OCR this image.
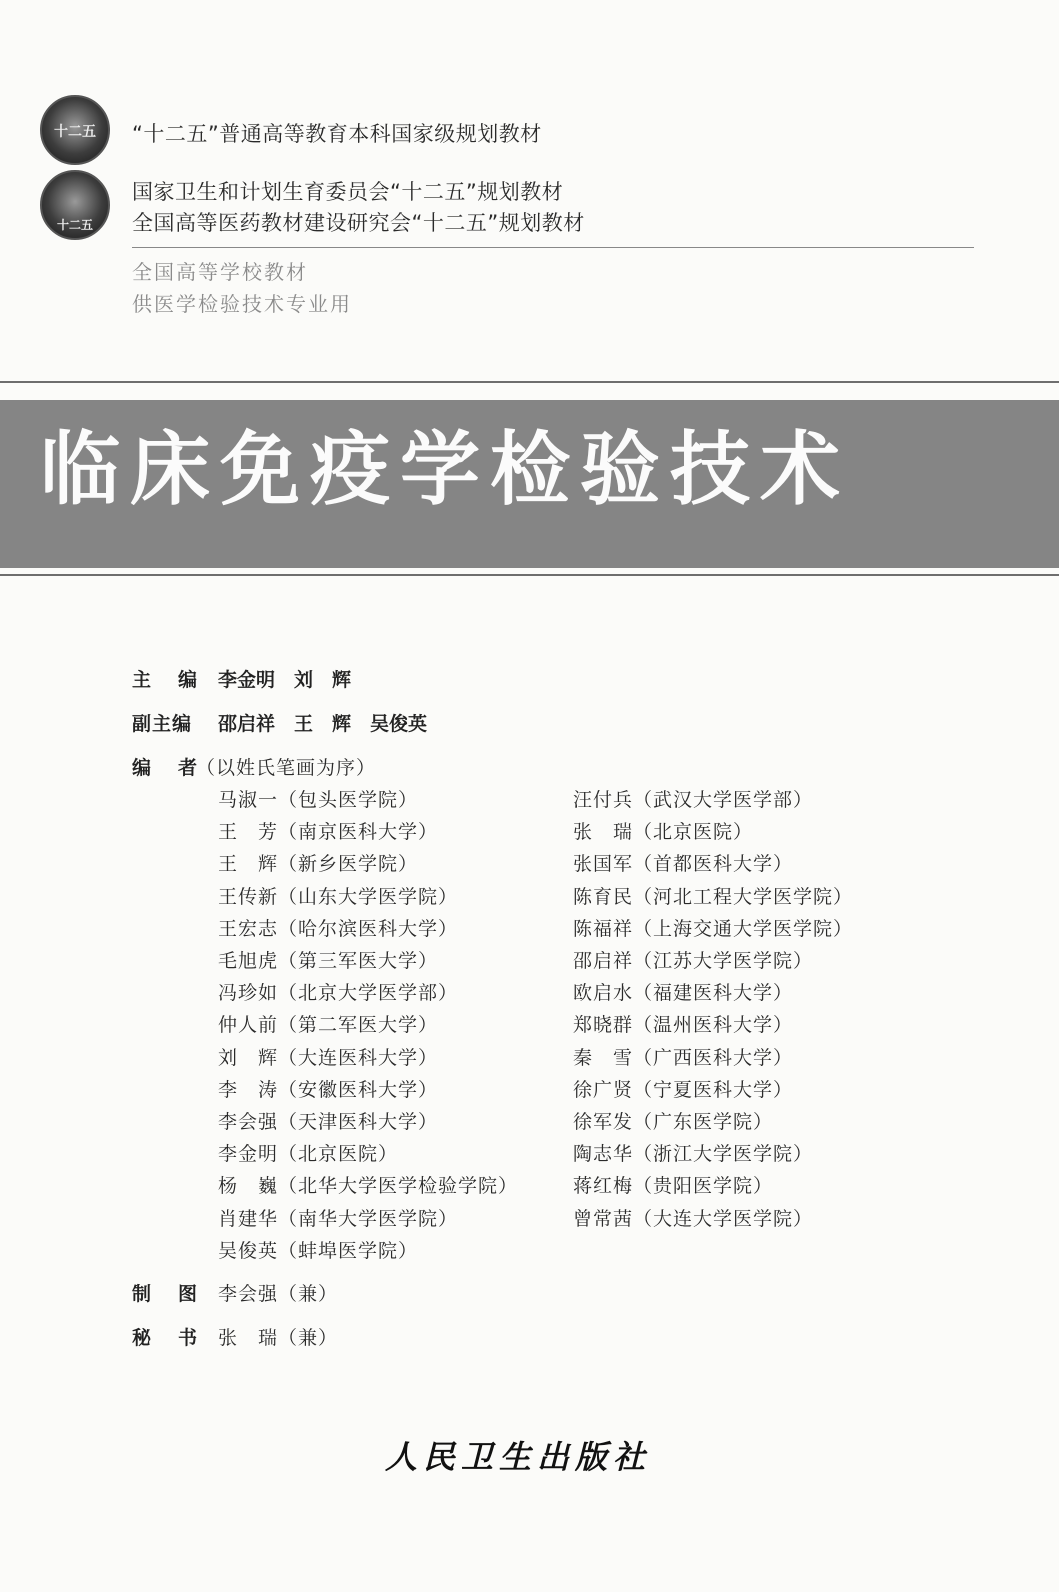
十二五	“十二五”普通高等教育本科国家级规划教材
十二五
国家卫生和计划生育委员会“十二五”规划教材
全国高等医药教材建设研究会“十二五”规划教材
全国高等学校教材
供医学检验技术专业用
临床免疫学检验技术
主　编 李金明　刘　辉
副主编 邵启祥　王　辉　吴俊英
编　者
（以姓氏笔画为序）
马淑一（包头医学院）
王　芳（南京医科大学）
王　辉（新乡医学院）
王传新（山东大学医学院）
王宏志（哈尔滨医科大学）
毛旭虎（第三军医大学）
冯珍如（北京大学医学部）
仲人前（第二军医大学）
刘　辉（大连医科大学）
李　涛（安徽医科大学）
李会强（天津医科大学）
李金明（北京医院）
杨　巍（北华大学医学检验学院）
肖建华（南华大学医学院）
吴俊英（蚌埠医学院）
汪付兵（武汉大学医学部）
张　瑞（北京医院）
张国军（首都医科大学）
陈育民（河北工程大学医学院）
陈福祥（上海交通大学医学院）
邵启祥（江苏大学医学院）
欧启水（福建医科大学）
郑晓群（温州医科大学）
秦　雪（广西医科大学）
徐广贤（宁夏医科大学）
徐军发（广东医学院）
陶志华（浙江大学医学院）
蒋红梅（贵阳医学院）
曾常茜（大连大学医学院）
制　图 李会强（兼）
秘　书 张　瑞（兼）
人民卫生出版社
